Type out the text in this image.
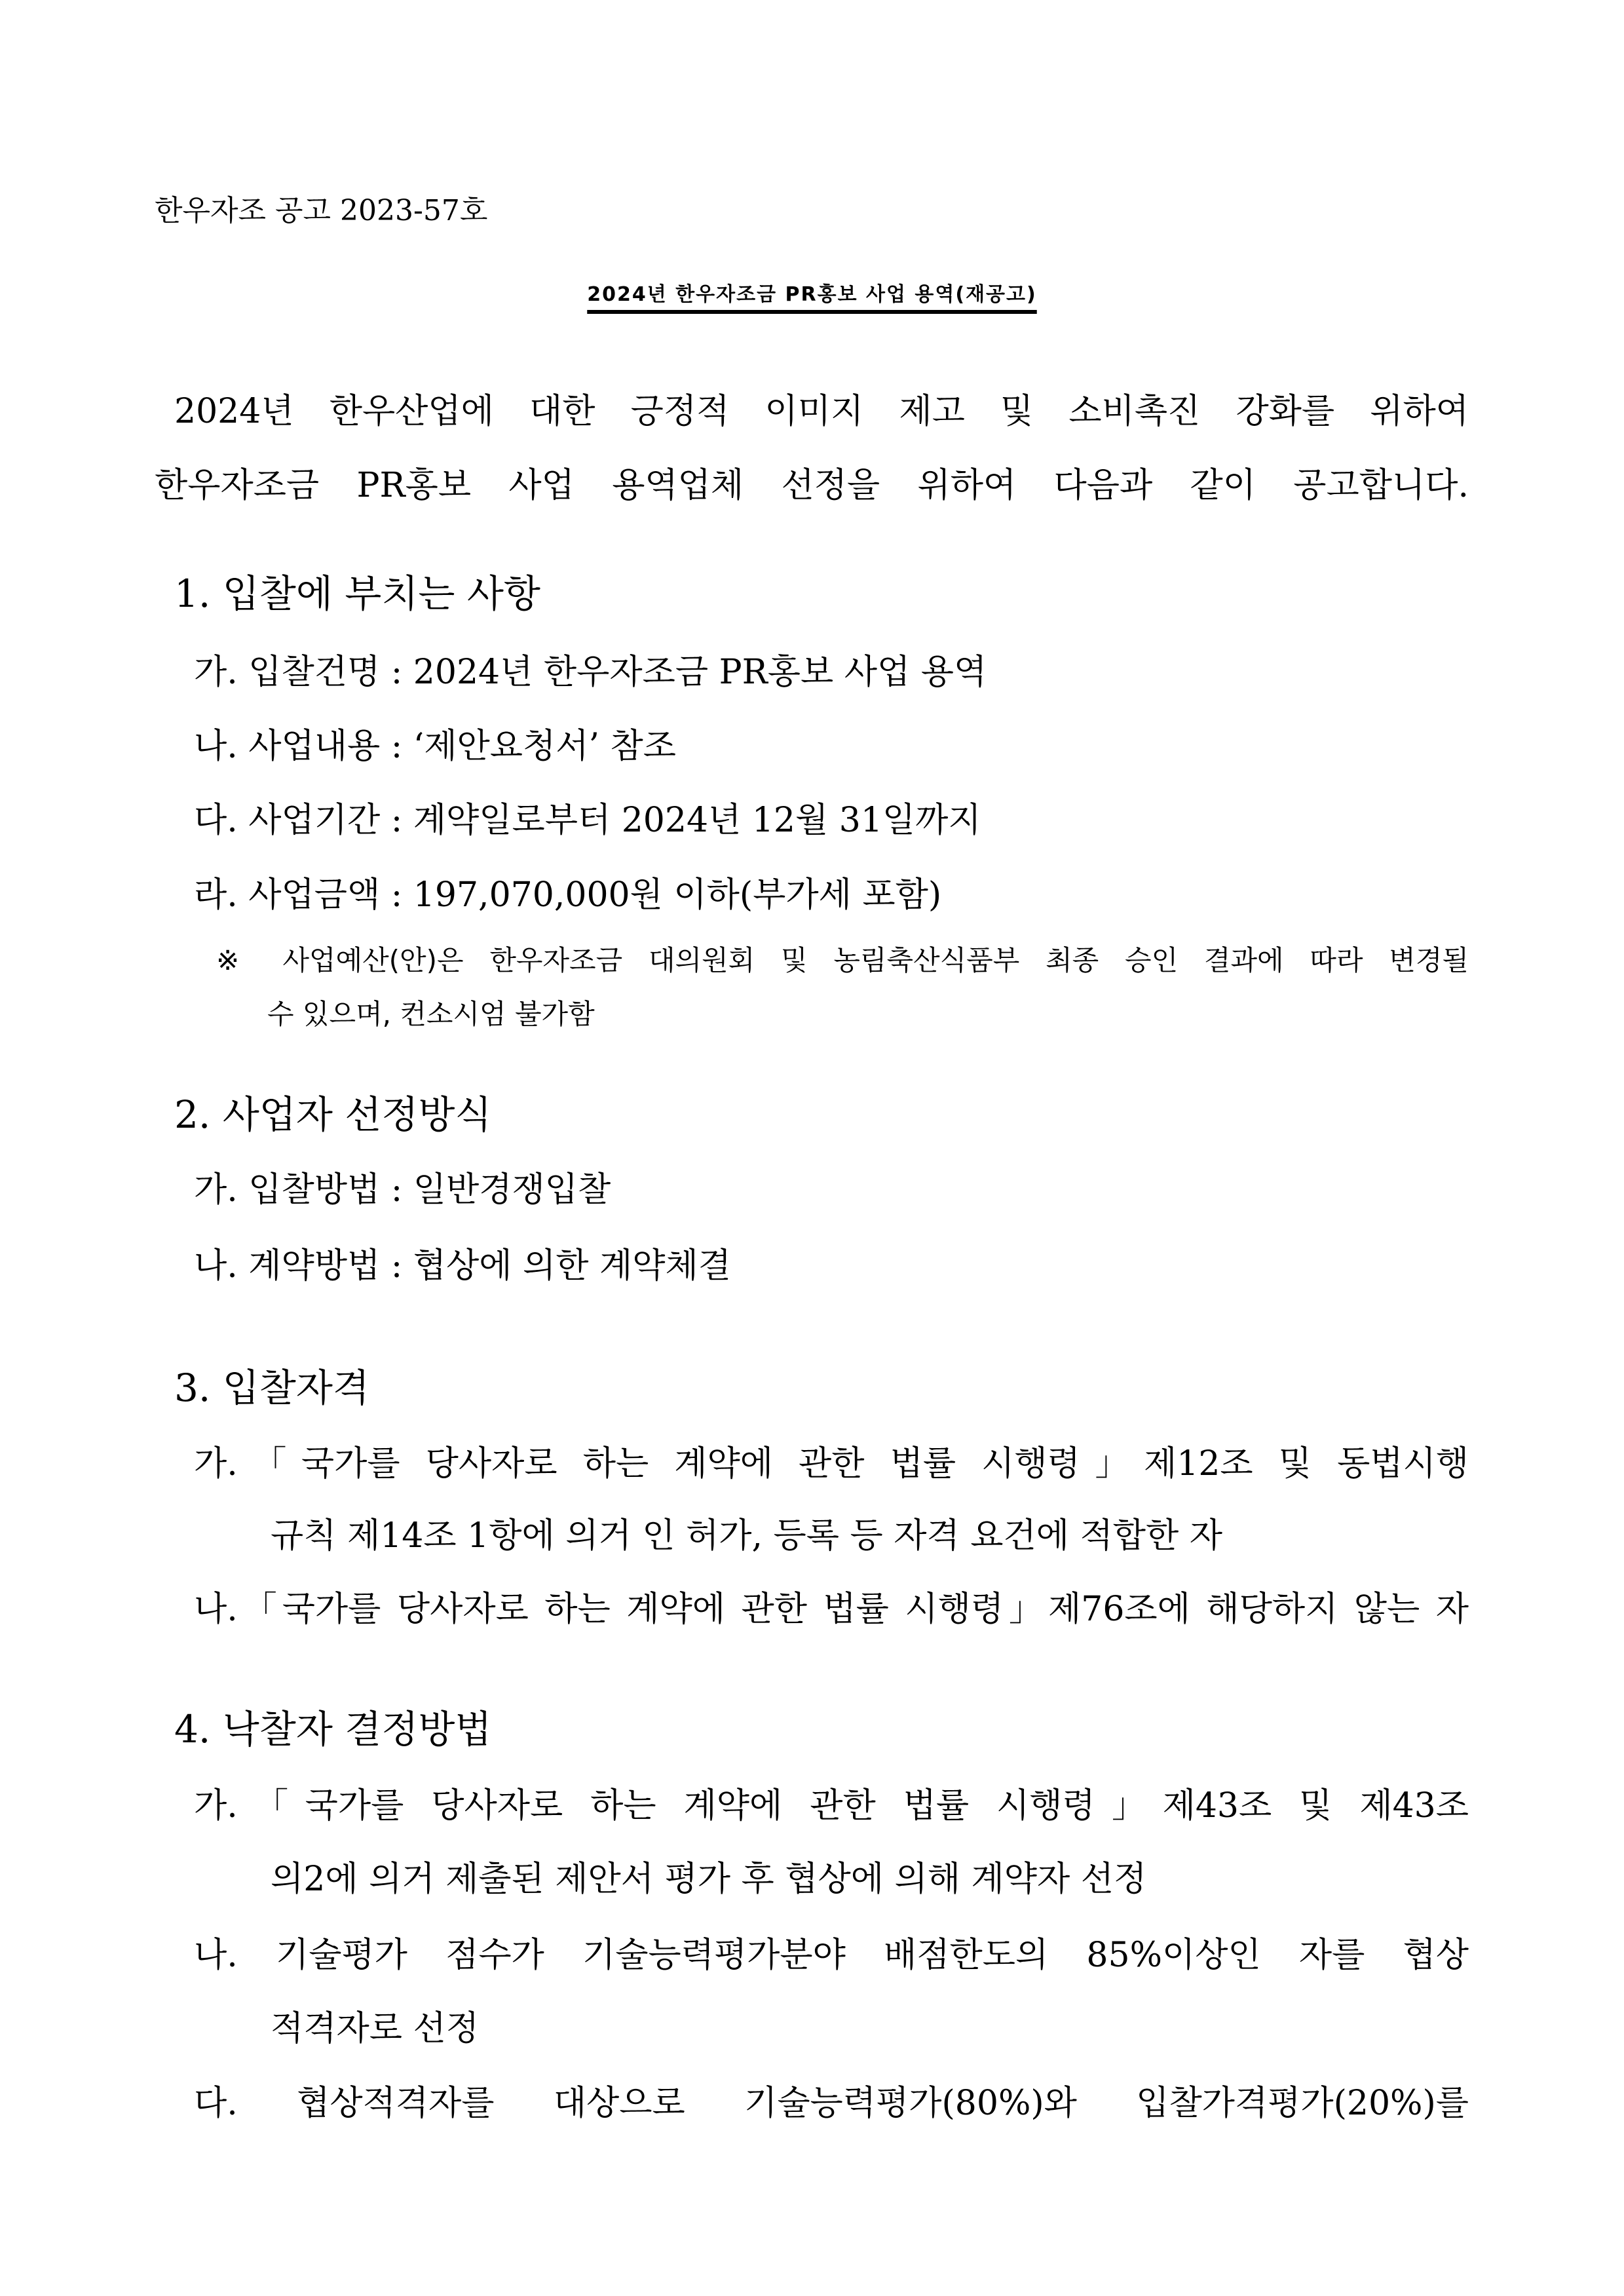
한우자조 공고 2023-57호
2024년 한우자조금 PR홍보 사업 용역(재공고)
2024년 한우산업에 대한 긍정적 이미지 제고 및 소비촉진 강화를 위하여
한우자조금 PR홍보 사업 용역업체 선정을 위하여 다음과 같이 공고합니다.
1. 입찰에 부치는 사항
가. 입찰건명 : 2024년 한우자조금 PR홍보 사업 용역
나. 사업내용 : ‘제안요청서’ 참조
다. 사업기간 : 계약일로부터 2024년 12월 31일까지
라. 사업금액 : 197,070,000원 이하(부가세 포함)
※ 사업예산(안)은 한우자조금 대의원회 및 농림축산식품부 최종 승인 결과에 따라 변경될
수 있으며, 컨소시엄 불가함
2. 사업자 선정방식
가. 입찰방법 : 일반경쟁입찰
나. 계약방법 : 협상에 의한 계약체결
3. 입찰자격
가.「국가를 당사자로 하는 계약에 관한 법률 시행령」제12조 및 동법시행
규칙 제14조 1항에 의거 인 허가, 등록 등 자격 요건에 적합한 자
나.「국가를 당사자로 하는 계약에 관한 법률 시행령」제76조에 해당하지 않는 자
4. 낙찰자 결정방법
가.「국가를 당사자로 하는 계약에 관한 법률 시행령」제43조 및 제43조
의2에 의거 제출된 제안서 평가 후 협상에 의해 계약자 선정
나. 기술평가 점수가 기술능력평가분야 배점한도의 85%이상인 자를 협상
적격자로 선정
다. 협상적격자를 대상으로 기술능력평가(80%)와 입찰가격평가(20%)를
